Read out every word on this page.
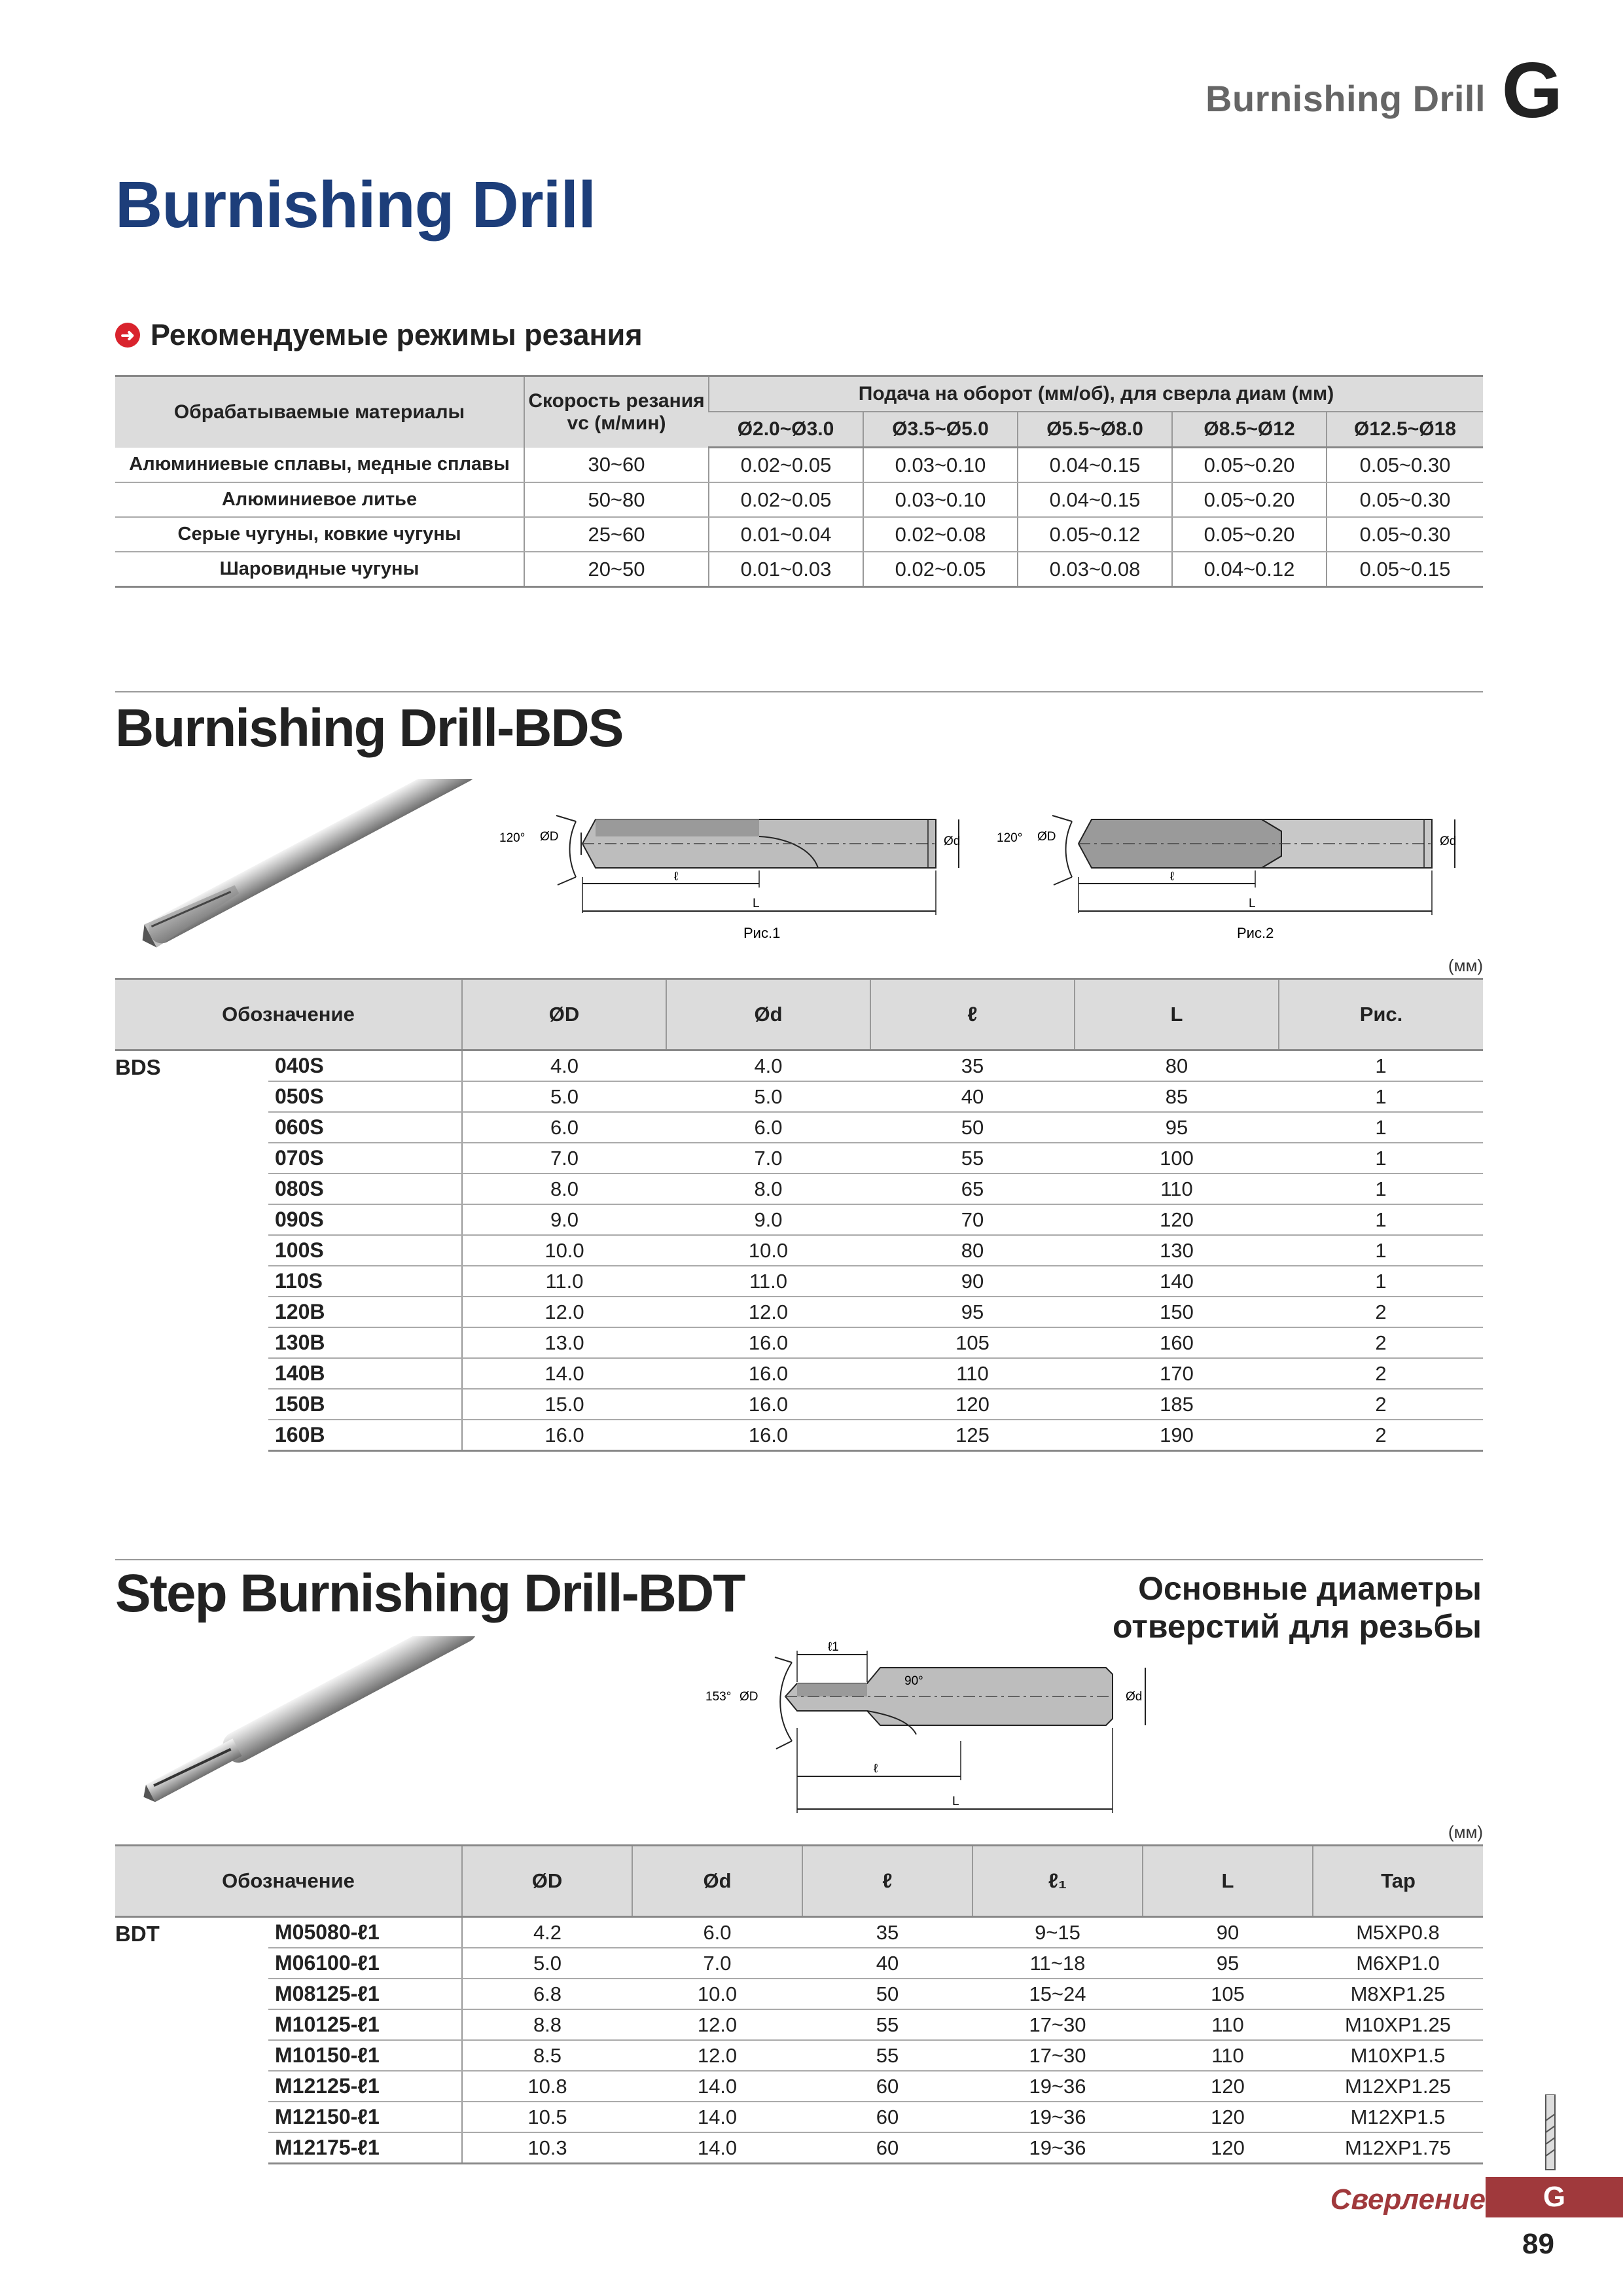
Burnishing Drill G
Burnishing Drill
➜ Рекомендуемые режимы резания
Обрабатываемые материалы	Скорость резания vc (м/мин)	Подача на оборот (мм/об), для сверла диам (мм)				
		Ø2.0~Ø3.0	Ø3.5~Ø5.0	Ø5.5~Ø8.0	Ø8.5~Ø12	Ø12.5~Ø18
Алюминиевые сплавы, медные сплавы	30~60	0.02~0.05	0.03~0.10	0.04~0.15	0.05~0.20	0.05~0.30
Алюминиевое литье	50~80	0.02~0.05	0.03~0.10	0.04~0.15	0.05~0.20	0.05~0.30
Серые чугуны, ковкие чугуны	25~60	0.01~0.04	0.02~0.08	0.05~0.12	0.05~0.20	0.05~0.30
Шаровидные чугуны	20~50	0.01~0.03	0.02~0.05	0.03~0.08	0.04~0.12	0.05~0.15
Burnishing Drill-BDS
120° ØD	Ød
ℓ
L
Рис.1
120° ØD	Ød
ℓ
L
Рис.2
(мм)
Обозначение		ØD	Ød	ℓ	L	Рис.
BDS	040S	4.0	4.0	35	80	1
	050S	5.0	5.0	40	85	1
	060S	6.0	6.0	50	95	1
	070S	7.0	7.0	55	100	1
	080S	8.0	8.0	65	110	1
	090S	9.0	9.0	70	120	1
	100S	10.0	10.0	80	130	1
	110S	11.0	11.0	90	140	1
	120B	12.0	12.0	95	150	2
	130B	13.0	16.0	105	160	2
	140B	14.0	16.0	110	170	2
	150B	15.0	16.0	120	185	2
	160B	16.0	16.0	125	190	2
Step Burnishing Drill-BDT	Основные диаметры
отверстий для резьбы
153° ØD
90°
ℓ1
Ød
ℓ
L
(мм)
Обозначение		ØD	Ød	ℓ	ℓ₁	L	Tap
BDT	M05080-ℓ1	4.2	6.0	35	9~15	90	M5XP0.8
	M06100-ℓ1	5.0	7.0	40	11~18	95	M6XP1.0
	M08125-ℓ1	6.8	10.0	50	15~24	105	M8XP1.25
	M10125-ℓ1	8.8	12.0	55	17~30	110	M10XP1.25
	M10150-ℓ1	8.5	12.0	55	17~30	110	M10XP1.5
	M12125-ℓ1	10.8	14.0	60	19~36	120	M12XP1.25
	M12150-ℓ1	10.5	14.0	60	19~36	120	M12XP1.5
	M12175-ℓ1	10.3	14.0	60	19~36	120	M12XP1.75
Сверление	G
89
